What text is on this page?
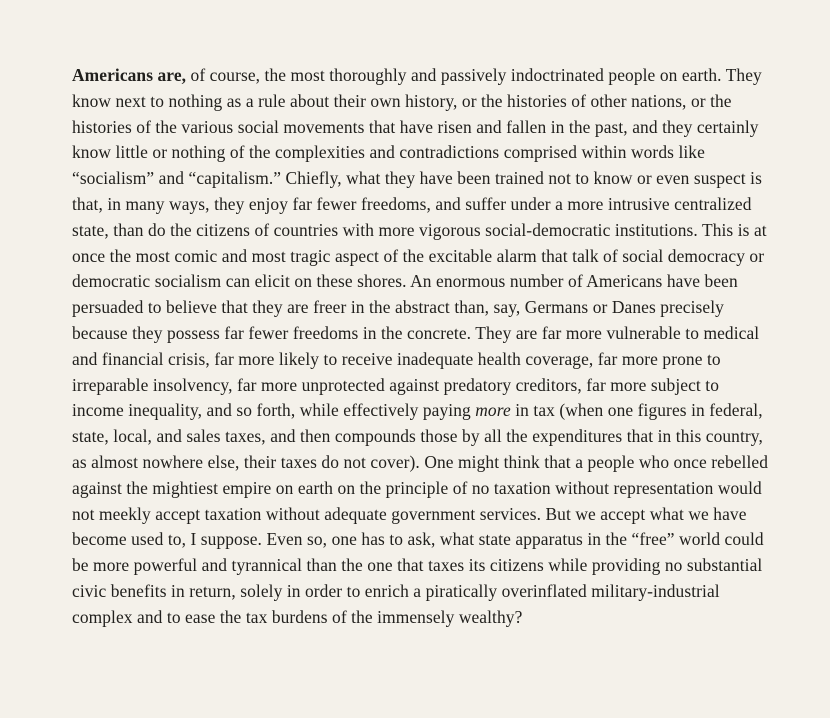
Americans are, of course, the most thoroughly and passively indoctrinated people on earth. They know next to nothing as a rule about their own history, or the histories of other nations, or the histories of the various social movements that have risen and fallen in the past, and they certainly know little or nothing of the complexities and contradictions comprised within words like “socialism” and “capitalism.” Chiefly, what they have been trained not to know or even suspect is that, in many ways, they enjoy far fewer freedoms, and suffer under a more intrusive centralized state, than do the citizens of countries with more vigorous social-democratic institutions. This is at once the most comic and most tragic aspect of the excitable alarm that talk of social democracy or democratic socialism can elicit on these shores. An enormous number of Americans have been persuaded to believe that they are freer in the abstract than, say, Germans or Danes precisely because they possess far fewer freedoms in the concrete. They are far more vulnerable to medical and financial crisis, far more likely to receive inadequate health coverage, far more prone to irreparable insolvency, far more unprotected against predatory creditors, far more subject to income inequality, and so forth, while effectively paying more in tax (when one figures in federal, state, local, and sales taxes, and then compounds those by all the expenditures that in this country, as almost nowhere else, their taxes do not cover). One might think that a people who once rebelled against the mightiest empire on earth on the principle of no taxation without representation would not meekly accept taxation without adequate government services. But we accept what we have become used to, I suppose. Even so, one has to ask, what state apparatus in the “free” world could be more powerful and tyrannical than the one that taxes its citizens while providing no substantial civic benefits in return, solely in order to enrich a piratically overinflated military-industrial complex and to ease the tax burdens of the immensely wealthy?
